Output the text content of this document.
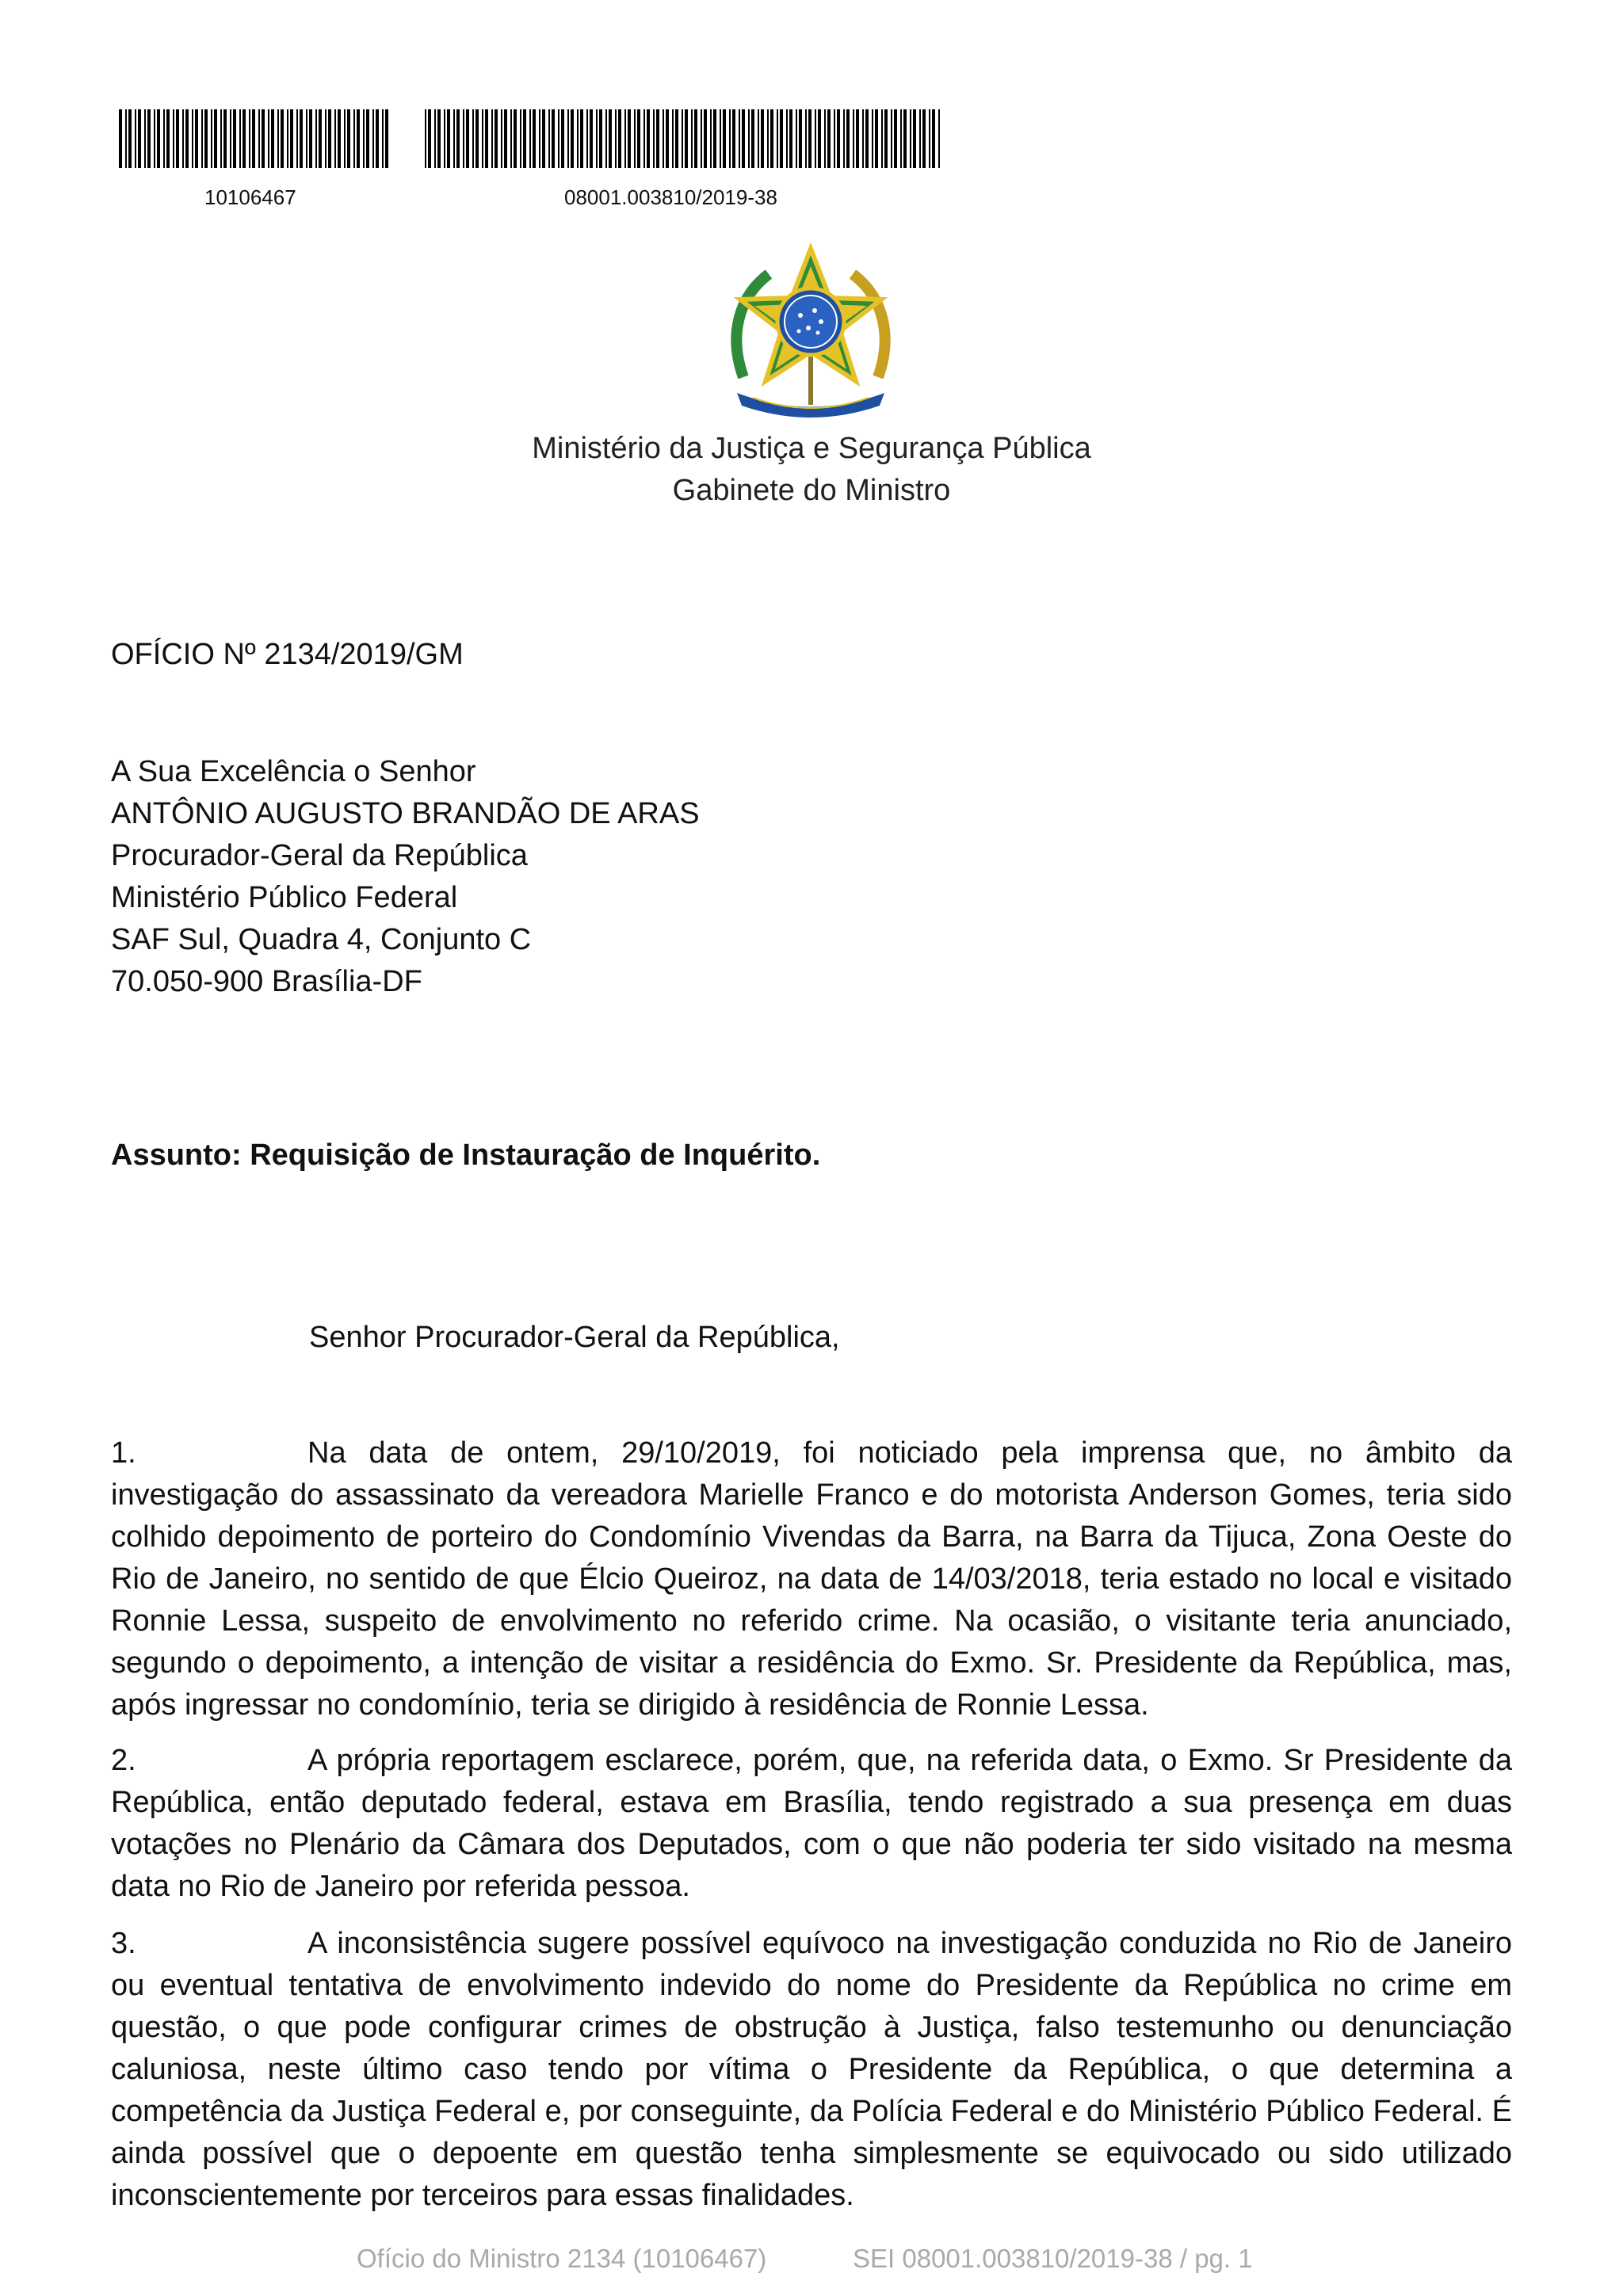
10106467	08001.003810/2019-38
Ministério da Justiça e Segurança Pública
Gabinete do Ministro
OFÍCIO Nº 2134/2019/GM
A Sua Excelência o Senhor
ANTÔNIO AUGUSTO BRANDÃO DE ARAS
Procurador-Geral da República
Ministério Público Federal
SAF Sul, Quadra 4, Conjunto C
70.050-900 Brasília-DF
Assunto: Requisição de Instauração de Inquérito.
Senhor Procurador-Geral da República,
1.	Na data de ontem, 29/10/2019, foi noticiado pela imprensa que, no âmbito da investigação do assassinato da vereadora Marielle Franco e do motorista Anderson Gomes, teria sido colhido depoimento de porteiro do Condomínio Vivendas da Barra, na Barra da Tijuca, Zona Oeste do Rio de Janeiro, no sentido de que Élcio Queiroz, na data de 14/03/2018, teria estado no local e visitado Ronnie Lessa, suspeito de envolvimento no referido crime. Na ocasião, o visitante teria anunciado, segundo o depoimento, a intenção de visitar a residência do Exmo. Sr. Presidente da República, mas, após ingressar no condomínio, teria se dirigido à residência de Ronnie Lessa.
2.	A própria reportagem esclarece, porém, que, na referida data, o Exmo. Sr Presidente da República, então deputado federal, estava em Brasília, tendo registrado a sua presença em duas votações no Plenário da Câmara dos Deputados, com o que não poderia ter sido visitado na mesma data no Rio de Janeiro por referida pessoa.
3.	A inconsistência sugere possível equívoco na investigação conduzida no Rio de Janeiro ou eventual tentativa de envolvimento indevido do nome do Presidente da República no crime em questão, o que pode configurar crimes de obstrução à Justiça, falso testemunho ou denunciação caluniosa, neste último caso tendo por vítima o Presidente da República, o que determina a competência da Justiça Federal e, por conseguinte, da Polícia Federal e do Ministério Público Federal. É ainda possível que o depoente em questão tenha simplesmente se equivocado ou sido utilizado inconscientemente por terceiros para essas finalidades.
Ofício do Ministro 2134 (10106467)	SEI 08001.003810/2019-38 / pg. 1
